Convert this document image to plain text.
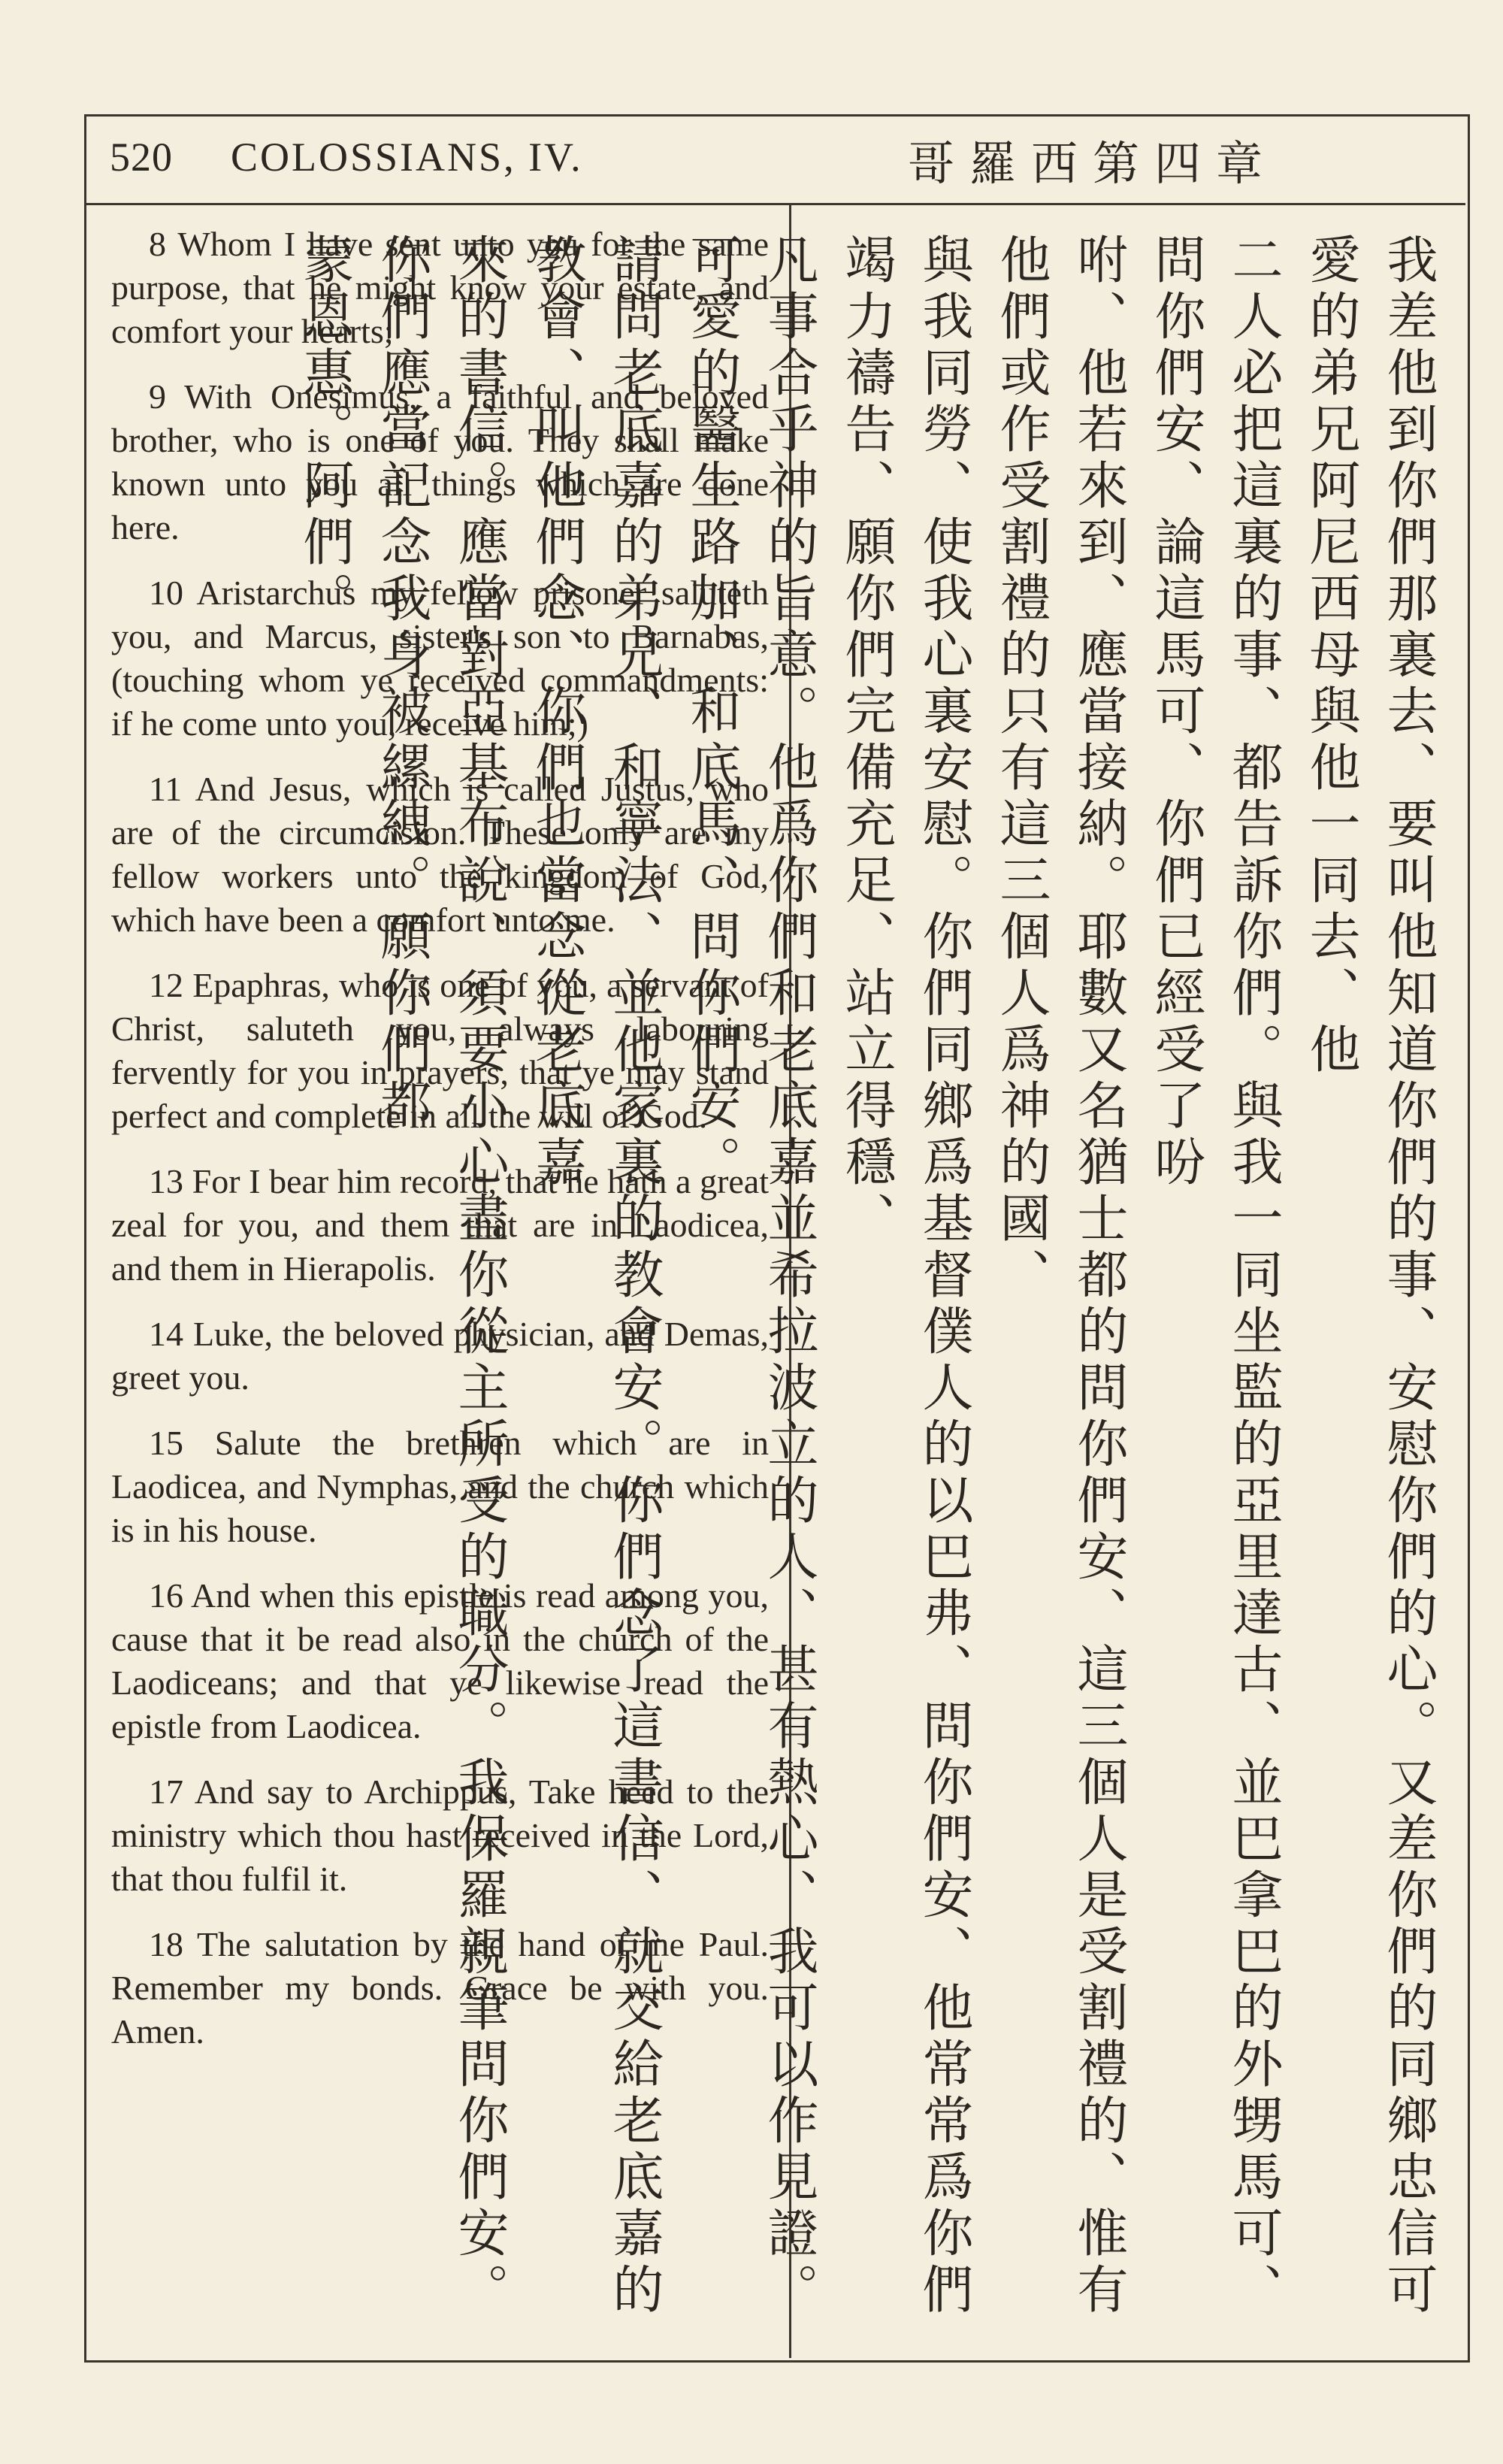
520 COLOSSIANS, IV.	哥羅西第四章

8 Whom I have sent unto you for the same purpose, that he might know your estate, and comfort your hearts;

9 With Onesimus, a faithful and beloved brother, who is one of you. They shall make known unto you all things which are done here.

10 Aristarchus my fellow prisoner saluteth you, and Marcus, sister's son to Barnabas, (touching whom ye received commandments: if he come unto you, receive him;)

11 And Jesus, which is called Justus, who are of the circumcision. These only are my fellow workers unto the kingdom of God, which have been a comfort unto me.

12 Epaphras, who is one of you, a servant of Christ, saluteth you, always labouring fervently for you in prayers, that ye may stand perfect and complete in all the will of God.

13 For I bear him record, that he hath a great zeal for you, and them that are in Laodicea, and them in Hierapolis.

14 Luke, the beloved physician, and Demas, greet you.

15 Salute the brethren which are in Laodicea, and Nymphas, and the church which is in his house.

16 And when this epistle is read among you, cause that it be read also in the church of the Laodiceans; and that ye likewise read the epistle from Laodicea.

17 And say to Archippus, Take heed to the ministry which thou hast received in the Lord, that thou fulfil it.

18 The salutation by the hand of me Paul. Remember my bonds. Grace be with you. Amen.	我差他到你們那裏去、要叫他知道你們的事、安慰你們的心。又差你們的同鄉忠信可愛的弟兄阿尼西母與他一同去、他

二人必把這裏的事、都告訴你們。與我一同坐監的亞里達古、並巴拿巴的外甥馬可、問你們安、論這馬可、你們已經受了吩

咐、他若來到、應當接納。耶數又名猶士都的問你們安、這三個人是受割禮的、惟有他們或作受割禮的只有這三個人爲神的國、

與我同勞、使我心裏安慰。你們同鄉爲基督僕人的以巴弗、問你們安、他常常爲你們竭力禱告、願你們完備充足、站立得穩、

凡事合乎神的旨意。他爲你們和老底嘉並希拉波立的人、甚有熱心、我可以作見證。可愛的醫生路加、和底馬、問你們安。

請問老底嘉的弟兄、和寧法、並他家裏的教會安。你們念了這書信、就交給老底嘉的教會、叫他們念、你們也當念從老底嘉

來的書信。應當對亞基布說、須要小心盡你從主所受的職分。我保羅親筆問你們安。你們應當記念我身被縲絏。願你們都

蒙恩惠。阿們。
